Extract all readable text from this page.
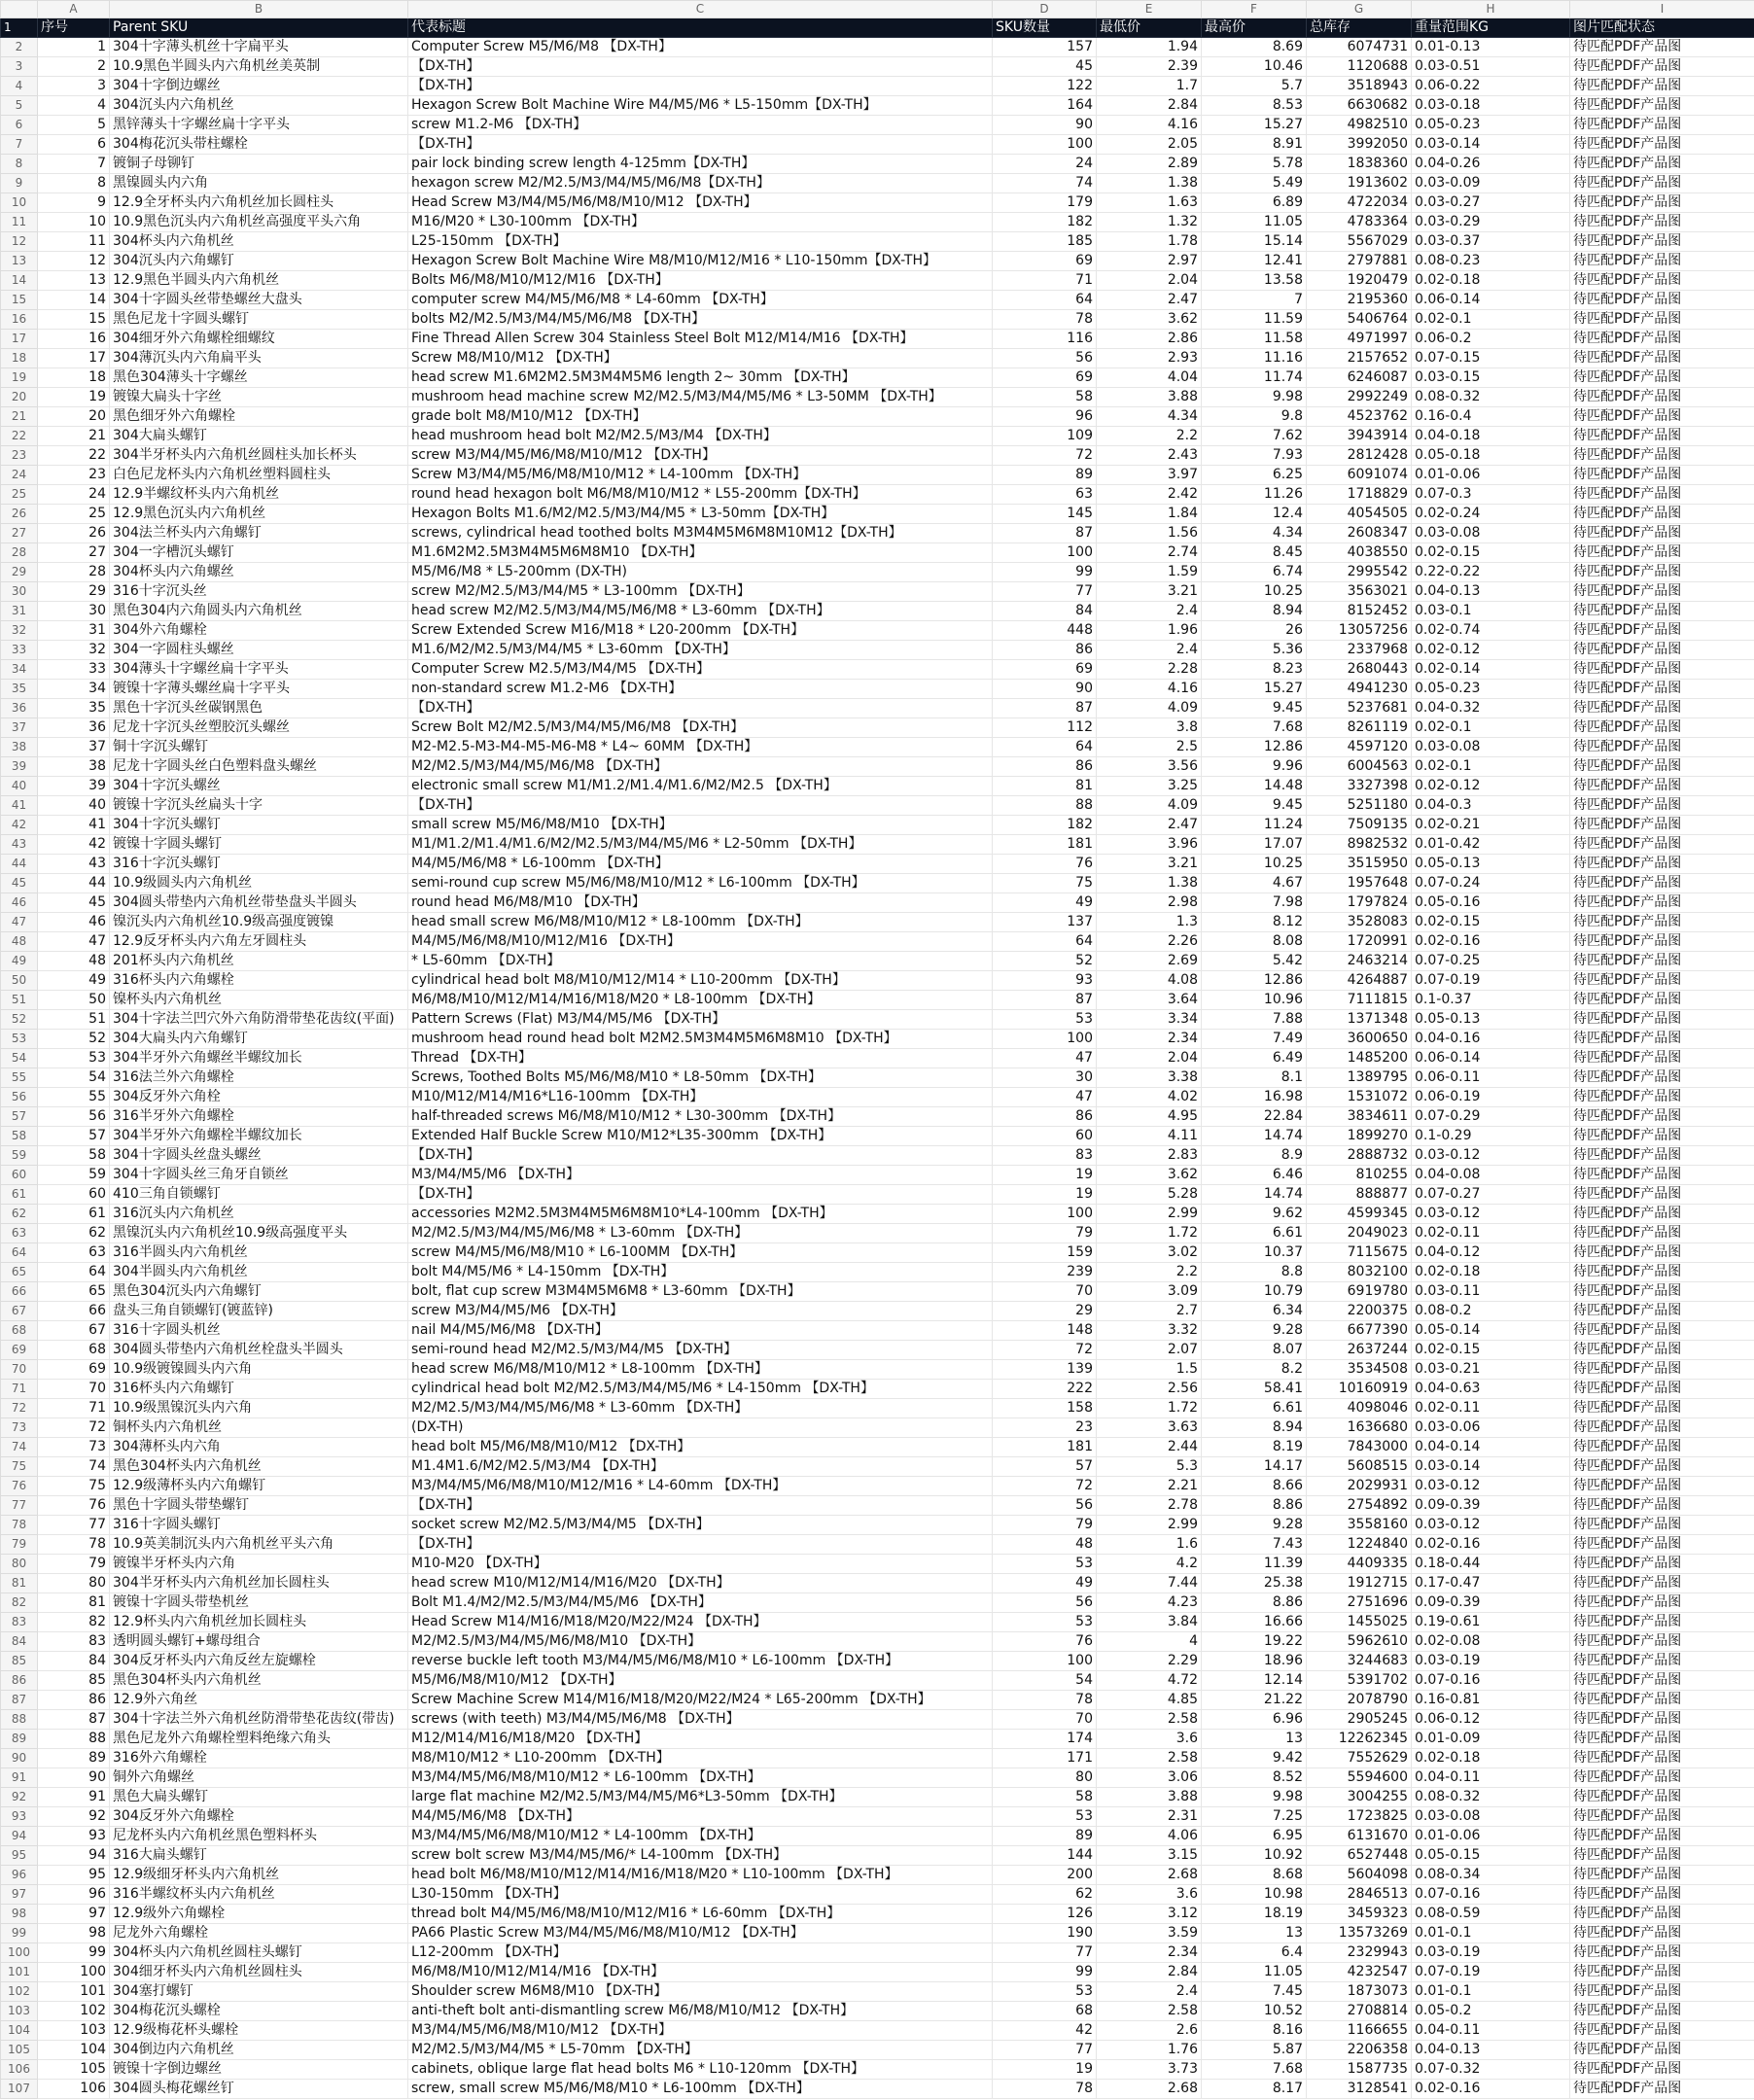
	A	B	C	D	E	F	G	H	I
1	序号	Parent SKU	代表标题	SKU数量	最低价	最高价	总库存	重量范围KG	图片匹配状态
2	1	304十字薄头机丝十字扁平头	Computer Screw M5/M6/M8 【DX-TH】	157	1.94	8.69	6074731	0.01-0.13	待匹配PDF产品图
3	2	10.9黑色半圆头内六角机丝美英制	【DX-TH】	45	2.39	10.46	1120688	0.03-0.51	待匹配PDF产品图
4	3	304十字倒边螺丝	【DX-TH】	122	1.7	5.7	3518943	0.06-0.22	待匹配PDF产品图
5	4	304沉头内六角机丝	Hexagon Screw Bolt Machine Wire M4/M5/M6 * L5-150mm【DX-TH】	164	2.84	8.53	6630682	0.03-0.18	待匹配PDF产品图
6	5	黑锌薄头十字螺丝扁十字平头	screw M1.2-M6 【DX-TH】	90	4.16	15.27	4982510	0.05-0.23	待匹配PDF产品图
7	6	304梅花沉头带柱螺栓	【DX-TH】	100	2.05	8.91	3992050	0.03-0.14	待匹配PDF产品图
8	7	镀铜子母铆钉	pair lock binding screw length 4-125mm【DX-TH】	24	2.89	5.78	1838360	0.04-0.26	待匹配PDF产品图
9	8	黑镍圆头内六角	hexagon screw M2/M2.5/M3/M4/M5/M6/M8【DX-TH】	74	1.38	5.49	1913602	0.03-0.09	待匹配PDF产品图
10	9	12.9全牙杯头内六角机丝加长圆柱头	Head Screw M3/M4/M5/M6/M8/M10/M12 【DX-TH】	179	1.63	6.89	4722034	0.03-0.27	待匹配PDF产品图
11	10	10.9黑色沉头内六角机丝高强度平头六角	M16/M20 * L30-100mm 【DX-TH】	182	1.32	11.05	4783364	0.03-0.29	待匹配PDF产品图
12	11	304杯头内六角机丝	L25-150mm 【DX-TH】	185	1.78	15.14	5567029	0.03-0.37	待匹配PDF产品图
13	12	304沉头内六角螺钉	Hexagon Screw Bolt Machine Wire M8/M10/M12/M16 * L10-150mm【DX-TH】	69	2.97	12.41	2797881	0.08-0.23	待匹配PDF产品图
14	13	12.9黑色半圆头内六角机丝	Bolts M6/M8/M10/M12/M16 【DX-TH】	71	2.04	13.58	1920479	0.02-0.18	待匹配PDF产品图
15	14	304十字圆头丝带垫螺丝大盘头	computer screw M4/M5/M6/M8 * L4-60mm 【DX-TH】	64	2.47	7	2195360	0.06-0.14	待匹配PDF产品图
16	15	黑色尼龙十字圆头螺钉	bolts M2/M2.5/M3/M4/M5/M6/M8 【DX-TH】	78	3.62	11.59	5406764	0.02-0.1	待匹配PDF产品图
17	16	304细牙外六角螺栓细螺纹	Fine Thread Allen Screw 304 Stainless Steel Bolt M12/M14/M16 【DX-TH】	116	2.86	11.58	4971997	0.06-0.2	待匹配PDF产品图
18	17	304薄沉头内六角扁平头	Screw M8/M10/M12 【DX-TH】	56	2.93	11.16	2157652	0.07-0.15	待匹配PDF产品图
19	18	黑色304薄头十字螺丝	head screw M1.6M2M2.5M3M4M5M6 length 2~ 30mm 【DX-TH】	69	4.04	11.74	6246087	0.03-0.15	待匹配PDF产品图
20	19	镀镍大扁头十字丝	mushroom head machine screw M2/M2.5/M3/M4/M5/M6 * L3-50MM 【DX-TH】	58	3.88	9.98	2992249	0.08-0.32	待匹配PDF产品图
21	20	黑色细牙外六角螺栓	grade bolt M8/M10/M12 【DX-TH】	96	4.34	9.8	4523762	0.16-0.4	待匹配PDF产品图
22	21	304大扁头螺钉	head mushroom head bolt M2/M2.5/M3/M4 【DX-TH】	109	2.2	7.62	3943914	0.04-0.18	待匹配PDF产品图
23	22	304半牙杯头内六角机丝圆柱头加长杯头	screw M3/M4/M5/M6/M8/M10/M12 【DX-TH】	72	2.43	7.93	2812428	0.05-0.18	待匹配PDF产品图
24	23	白色尼龙杯头内六角机丝塑料圆柱头	Screw M3/M4/M5/M6/M8/M10/M12 * L4-100mm 【DX-TH】	89	3.97	6.25	6091074	0.01-0.06	待匹配PDF产品图
25	24	12.9半螺纹杯头内六角机丝	round head hexagon bolt M6/M8/M10/M12 * L55-200mm【DX-TH】	63	2.42	11.26	1718829	0.07-0.3	待匹配PDF产品图
26	25	12.9黑色沉头内六角机丝	Hexagon Bolts M1.6/M2/M2.5/M3/M4/M5 * L3-50mm【DX-TH】	145	1.84	12.4	4054505	0.02-0.24	待匹配PDF产品图
27	26	304法兰杯头内六角螺钉	screws, cylindrical head toothed bolts M3M4M5M6M8M10M12【DX-TH】	87	1.56	4.34	2608347	0.03-0.08	待匹配PDF产品图
28	27	304一字槽沉头螺钉	M1.6M2M2.5M3M4M5M6M8M10 【DX-TH】	100	2.74	8.45	4038550	0.02-0.15	待匹配PDF产品图
29	28	304杯头内六角螺丝	M5/M6/M8 * L5-200mm (DX-TH)	99	1.59	6.74	2995542	0.22-0.22	待匹配PDF产品图
30	29	316十字沉头丝	screw M2/M2.5/M3/M4/M5 * L3-100mm 【DX-TH】	77	3.21	10.25	3563021	0.04-0.13	待匹配PDF产品图
31	30	黑色304内六角圆头内六角机丝	head screw M2/M2.5/M3/M4/M5/M6/M8 * L3-60mm 【DX-TH】	84	2.4	8.94	8152452	0.03-0.1	待匹配PDF产品图
32	31	304外六角螺栓	Screw Extended Screw M16/M18 * L20-200mm 【DX-TH】	448	1.96	26	13057256	0.02-0.74	待匹配PDF产品图
33	32	304一字圆柱头螺丝	M1.6/M2/M2.5/M3/M4/M5 * L3-60mm 【DX-TH】	86	2.4	5.36	2337968	0.02-0.12	待匹配PDF产品图
34	33	304薄头十字螺丝扁十字平头	Computer Screw M2.5/M3/M4/M5 【DX-TH】	69	2.28	8.23	2680443	0.02-0.14	待匹配PDF产品图
35	34	镀镍十字薄头螺丝扁十字平头	non-standard screw M1.2-M6 【DX-TH】	90	4.16	15.27	4941230	0.05-0.23	待匹配PDF产品图
36	35	黑色十字沉头丝碳钢黑色	【DX-TH】	87	4.09	9.45	5237681	0.04-0.32	待匹配PDF产品图
37	36	尼龙十字沉头丝塑胶沉头螺丝	Screw Bolt M2/M2.5/M3/M4/M5/M6/M8 【DX-TH】	112	3.8	7.68	8261119	0.02-0.1	待匹配PDF产品图
38	37	铜十字沉头螺钉	M2-M2.5-M3-M4-M5-M6-M8 * L4~ 60MM 【DX-TH】	64	2.5	12.86	4597120	0.03-0.08	待匹配PDF产品图
39	38	尼龙十字圆头丝白色塑料盘头螺丝	M2/M2.5/M3/M4/M5/M6/M8 【DX-TH】	86	3.56	9.96	6004563	0.02-0.1	待匹配PDF产品图
40	39	304十字沉头螺丝	electronic small screw M1/M1.2/M1.4/M1.6/M2/M2.5 【DX-TH】	81	3.25	14.48	3327398	0.02-0.12	待匹配PDF产品图
41	40	镀镍十字沉头丝扁头十字	【DX-TH】	88	4.09	9.45	5251180	0.04-0.3	待匹配PDF产品图
42	41	304十字沉头螺钉	small screw M5/M6/M8/M10 【DX-TH】	182	2.47	11.24	7509135	0.02-0.21	待匹配PDF产品图
43	42	镀镍十字圆头螺钉	M1/M1.2/M1.4/M1.6/M2/M2.5/M3/M4/M5/M6 * L2-50mm 【DX-TH】	181	3.96	17.07	8982532	0.01-0.42	待匹配PDF产品图
44	43	316十字沉头螺钉	M4/M5/M6/M8 * L6-100mm 【DX-TH】	76	3.21	10.25	3515950	0.05-0.13	待匹配PDF产品图
45	44	10.9级圆头内六角机丝	semi-round cup screw M5/M6/M8/M10/M12 * L6-100mm 【DX-TH】	75	1.38	4.67	1957648	0.07-0.24	待匹配PDF产品图
46	45	304圆头带垫内六角机丝带垫盘头半圆头	round head M6/M8/M10 【DX-TH】	49	2.98	7.98	1797824	0.05-0.16	待匹配PDF产品图
47	46	镍沉头内六角机丝10.9级高强度镀镍	head small screw M6/M8/M10/M12 * L8-100mm 【DX-TH】	137	1.3	8.12	3528083	0.02-0.15	待匹配PDF产品图
48	47	12.9反牙杯头内六角左牙圆柱头	M4/M5/M6/M8/M10/M12/M16 【DX-TH】	64	2.26	8.08	1720991	0.02-0.16	待匹配PDF产品图
49	48	201杯头内六角机丝	* L5-60mm 【DX-TH】	52	2.69	5.42	2463214	0.07-0.25	待匹配PDF产品图
50	49	316杯头内六角螺栓	cylindrical head bolt M8/M10/M12/M14 * L10-200mm 【DX-TH】	93	4.08	12.86	4264887	0.07-0.19	待匹配PDF产品图
51	50	镍杯头内六角机丝	M6/M8/M10/M12/M14/M16/M18/M20 * L8-100mm 【DX-TH】	87	3.64	10.96	7111815	0.1-0.37	待匹配PDF产品图
52	51	304十字法兰凹穴外六角防滑带垫花齿纹(平面)	Pattern Screws (Flat) M3/M4/M5/M6 【DX-TH】	53	3.34	7.88	1371348	0.05-0.13	待匹配PDF产品图
53	52	304大扁头内六角螺钉	mushroom head round head bolt M2M2.5M3M4M5M6M8M10 【DX-TH】	100	2.34	7.49	3600650	0.04-0.16	待匹配PDF产品图
54	53	304半牙外六角螺丝半螺纹加长	Thread 【DX-TH】	47	2.04	6.49	1485200	0.06-0.14	待匹配PDF产品图
55	54	316法兰外六角螺栓	Screws, Toothed Bolts M5/M6/M8/M10 * L8-50mm 【DX-TH】	30	3.38	8.1	1389795	0.06-0.11	待匹配PDF产品图
56	55	304反牙外六角栓	M10/M12/M14/M16*L16-100mm 【DX-TH】	47	4.02	16.98	1531072	0.06-0.19	待匹配PDF产品图
57	56	316半牙外六角螺栓	half-threaded screws M6/M8/M10/M12 * L30-300mm 【DX-TH】	86	4.95	22.84	3834611	0.07-0.29	待匹配PDF产品图
58	57	304半牙外六角螺栓半螺纹加长	Extended Half Buckle Screw M10/M12*L35-300mm 【DX-TH】	60	4.11	14.74	1899270	0.1-0.29	待匹配PDF产品图
59	58	304十字圆头丝盘头螺丝	【DX-TH】	83	2.83	8.9	2888732	0.03-0.12	待匹配PDF产品图
60	59	304十字圆头丝三角牙自锁丝	M3/M4/M5/M6 【DX-TH】	19	3.62	6.46	810255	0.04-0.08	待匹配PDF产品图
61	60	410三角自锁螺钉	【DX-TH】	19	5.28	14.74	888877	0.07-0.27	待匹配PDF产品图
62	61	316沉头内六角机丝	accessories M2M2.5M3M4M5M6M8M10*L4-100mm 【DX-TH】	100	2.99	9.62	4599345	0.03-0.12	待匹配PDF产品图
63	62	黑镍沉头内六角机丝10.9级高强度平头	M2/M2.5/M3/M4/M5/M6/M8 * L3-60mm 【DX-TH】	79	1.72	6.61	2049023	0.02-0.11	待匹配PDF产品图
64	63	316半圆头内六角机丝	screw M4/M5/M6/M8/M10 * L6-100MM 【DX-TH】	159	3.02	10.37	7115675	0.04-0.12	待匹配PDF产品图
65	64	304半圆头内六角机丝	bolt M4/M5/M6 * L4-150mm 【DX-TH】	239	2.2	8.8	8032100	0.02-0.18	待匹配PDF产品图
66	65	黑色304沉头内六角螺钉	bolt, flat cup screw M3M4M5M6M8 * L3-60mm 【DX-TH】	70	3.09	10.79	6919780	0.03-0.11	待匹配PDF产品图
67	66	盘头三角自锁螺钉(镀蓝锌)	screw M3/M4/M5/M6 【DX-TH】	29	2.7	6.34	2200375	0.08-0.2	待匹配PDF产品图
68	67	316十字圆头机丝	nail M4/M5/M6/M8 【DX-TH】	148	3.32	9.28	6677390	0.05-0.14	待匹配PDF产品图
69	68	304圆头带垫内六角机丝栓盘头半圆头	semi-round head M2/M2.5/M3/M4/M5 【DX-TH】	72	2.07	8.07	2637244	0.02-0.15	待匹配PDF产品图
70	69	10.9级镀镍圆头内六角	head screw M6/M8/M10/M12 * L8-100mm 【DX-TH】	139	1.5	8.2	3534508	0.03-0.21	待匹配PDF产品图
71	70	316杯头内六角螺钉	cylindrical head bolt M2/M2.5/M3/M4/M5/M6 * L4-150mm 【DX-TH】	222	2.56	58.41	10160919	0.04-0.63	待匹配PDF产品图
72	71	10.9级黑镍沉头内六角	M2/M2.5/M3/M4/M5/M6/M8 * L3-60mm 【DX-TH】	158	1.72	6.61	4098046	0.02-0.11	待匹配PDF产品图
73	72	铜杯头内六角机丝	(DX-TH)	23	3.63	8.94	1636680	0.03-0.06	待匹配PDF产品图
74	73	304薄杯头内六角	head bolt M5/M6/M8/M10/M12 【DX-TH】	181	2.44	8.19	7843000	0.04-0.14	待匹配PDF产品图
75	74	黑色304杯头内六角机丝	M1.4M1.6/M2/M2.5/M3/M4 【DX-TH】	57	5.3	14.17	5608515	0.03-0.14	待匹配PDF产品图
76	75	12.9级薄杯头内六角螺钉	M3/M4/M5/M6/M8/M10/M12/M16 * L4-60mm 【DX-TH】	72	2.21	8.66	2029931	0.03-0.12	待匹配PDF产品图
77	76	黑色十字圆头带垫螺钉	【DX-TH】	56	2.78	8.86	2754892	0.09-0.39	待匹配PDF产品图
78	77	316十字圆头螺钉	socket screw M2/M2.5/M3/M4/M5 【DX-TH】	79	2.99	9.28	3558160	0.03-0.12	待匹配PDF产品图
79	78	10.9英美制沉头内六角机丝平头六角	【DX-TH】	48	1.6	7.43	1224840	0.02-0.16	待匹配PDF产品图
80	79	镀镍半牙杯头内六角	M10-M20 【DX-TH】	53	4.2	11.39	4409335	0.18-0.44	待匹配PDF产品图
81	80	304半牙杯头内六角机丝加长圆柱头	head screw M10/M12/M14/M16/M20 【DX-TH】	49	7.44	25.38	1912715	0.17-0.47	待匹配PDF产品图
82	81	镀镍十字圆头带垫机丝	Bolt M1.4/M2/M2.5/M3/M4/M5/M6 【DX-TH】	56	4.23	8.86	2751696	0.09-0.39	待匹配PDF产品图
83	82	12.9杯头内六角机丝加长圆柱头	Head Screw M14/M16/M18/M20/M22/M24 【DX-TH】	53	3.84	16.66	1455025	0.19-0.61	待匹配PDF产品图
84	83	透明圆头螺钉+螺母组合	M2/M2.5/M3/M4/M5/M6/M8/M10 【DX-TH】	76	4	19.22	5962610	0.02-0.08	待匹配PDF产品图
85	84	304反牙杯头内六角反丝左旋螺栓	reverse buckle left tooth M3/M4/M5/M6/M8/M10 * L6-100mm 【DX-TH】	100	2.29	18.96	3244683	0.03-0.19	待匹配PDF产品图
86	85	黑色304杯头内六角机丝	M5/M6/M8/M10/M12 【DX-TH】	54	4.72	12.14	5391702	0.07-0.16	待匹配PDF产品图
87	86	12.9外六角丝	Screw Machine Screw M14/M16/M18/M20/M22/M24 * L65-200mm 【DX-TH】	78	4.85	21.22	2078790	0.16-0.81	待匹配PDF产品图
88	87	304十字法兰外六角机丝防滑带垫花齿纹(带齿)	screws (with teeth) M3/M4/M5/M6/M8 【DX-TH】	70	2.58	6.96	2905245	0.06-0.12	待匹配PDF产品图
89	88	黑色尼龙外六角螺栓塑料绝缘六角头	M12/M14/M16/M18/M20 【DX-TH】	174	3.6	13	12262345	0.01-0.09	待匹配PDF产品图
90	89	316外六角螺栓	M8/M10/M12 * L10-200mm 【DX-TH】	171	2.58	9.42	7552629	0.02-0.18	待匹配PDF产品图
91	90	铜外六角螺丝	M3/M4/M5/M6/M8/M10/M12 * L6-100mm 【DX-TH】	80	3.06	8.52	5594600	0.04-0.11	待匹配PDF产品图
92	91	黑色大扁头螺钉	large flat machine M2/M2.5/M3/M4/M5/M6*L3-50mm 【DX-TH】	58	3.88	9.98	3004255	0.08-0.32	待匹配PDF产品图
93	92	304反牙外六角螺栓	M4/M5/M6/M8 【DX-TH】	53	2.31	7.25	1723825	0.03-0.08	待匹配PDF产品图
94	93	尼龙杯头内六角机丝黑色塑料杯头	M3/M4/M5/M6/M8/M10/M12 * L4-100mm 【DX-TH】	89	4.06	6.95	6131670	0.01-0.06	待匹配PDF产品图
95	94	316大扁头螺钉	screw bolt screw M3/M4/M5/M6/* L4-100mm 【DX-TH】	144	3.15	10.92	6527448	0.05-0.15	待匹配PDF产品图
96	95	12.9级细牙杯头内六角机丝	head bolt M6/M8/M10/M12/M14/M16/M18/M20 * L10-100mm 【DX-TH】	200	2.68	8.68	5604098	0.08-0.34	待匹配PDF产品图
97	96	316半螺纹杯头内六角机丝	L30-150mm 【DX-TH】	62	3.6	10.98	2846513	0.07-0.16	待匹配PDF产品图
98	97	12.9级外六角螺栓	thread bolt M4/M5/M6/M8/M10/M12/M16 * L6-60mm 【DX-TH】	126	3.12	18.19	3459323	0.08-0.59	待匹配PDF产品图
99	98	尼龙外六角螺栓	PA66 Plastic Screw M3/M4/M5/M6/M8/M10/M12 【DX-TH】	190	3.59	13	13573269	0.01-0.1	待匹配PDF产品图
100	99	304杯头内六角机丝圆柱头螺钉	L12-200mm 【DX-TH】	77	2.34	6.4	2329943	0.03-0.19	待匹配PDF产品图
101	100	304细牙杯头内六角机丝圆柱头	M6/M8/M10/M12/M14/M16 【DX-TH】	99	2.84	11.05	4232547	0.07-0.19	待匹配PDF产品图
102	101	304塞打螺钉	Shoulder screw M6M8/M10 【DX-TH】	53	2.4	7.45	1873073	0.01-0.1	待匹配PDF产品图
103	102	304梅花沉头螺栓	anti-theft bolt anti-dismantling screw M6/M8/M10/M12 【DX-TH】	68	2.58	10.52	2708814	0.05-0.2	待匹配PDF产品图
104	103	12.9级梅花杯头螺栓	M3/M4/M5/M6/M8/M10/M12 【DX-TH】	42	2.6	8.16	1166655	0.04-0.11	待匹配PDF产品图
105	104	304倒边内六角机丝	M2/M2.5/M3/M4/M5 * L5-70mm 【DX-TH】	77	1.76	5.87	2206358	0.04-0.13	待匹配PDF产品图
106	105	镀镍十字倒边螺丝	cabinets, oblique large flat head bolts M6 * L10-120mm 【DX-TH】	19	3.73	7.68	1587735	0.07-0.32	待匹配PDF产品图
107	106	304圆头梅花螺丝钉	screw, small screw M5/M6/M8/M10 * L6-100mm 【DX-TH】	78	2.68	8.17	3128541	0.02-0.16	待匹配PDF产品图
